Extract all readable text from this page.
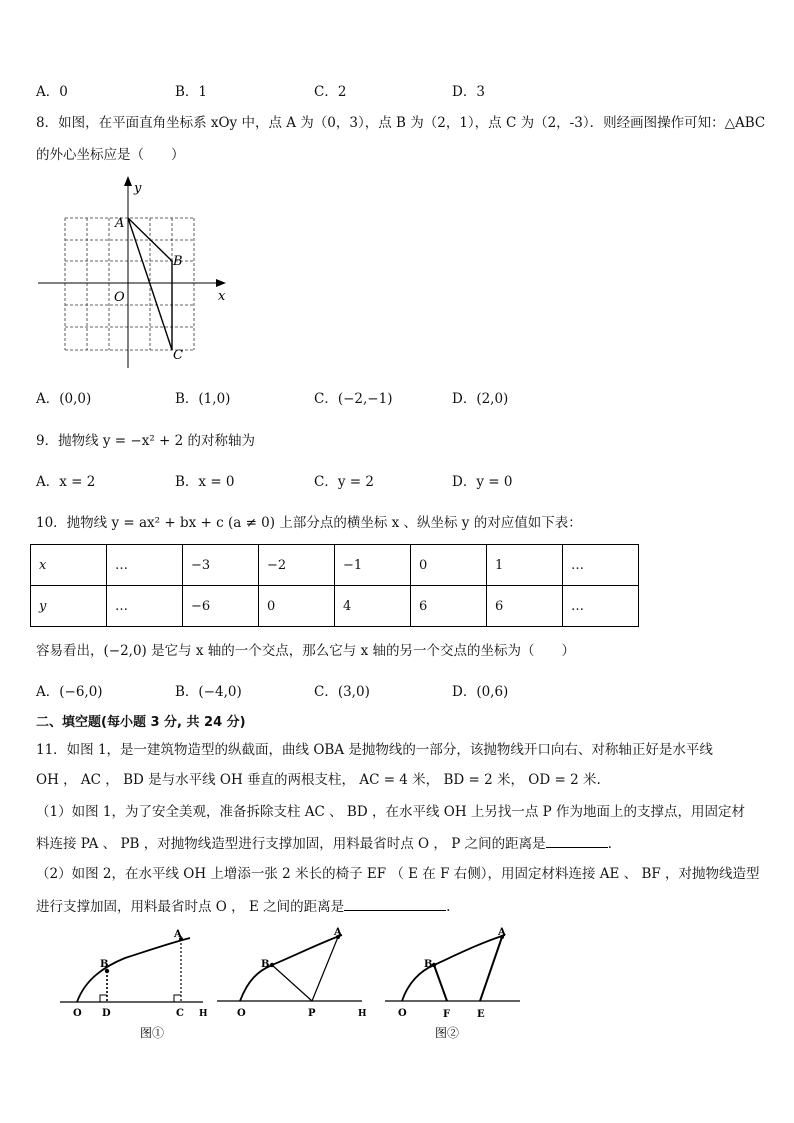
A．0	B．1	C．2	D．3
8．如图，在平面直角坐标系 xOy 中，点 A 为（0，3），点 B 为（2，1），点 C 为（2，-3）．则经画图操作可知：△ABC
的外心坐标应是（　　）
x
y
O
A
B
C
A．(0,0)	B．(1,0)	C．(−2,−1)	D．(2,0)
9．抛物线 y = −x² + 2 的对称轴为
A．x = 2	B．x = 0	C．y = 2	D．y = 0
10．抛物线 y = ax² + bx + c (a ≠ 0) 上部分点的横坐标 x 、纵坐标 y 的对应值如下表：
x	…	−3	−2	−1	0	1	…
y	…	−6	0	4	6	6	…
容易看出，(−2,0) 是它与 x 轴的一个交点，那么它与 x 轴的另一个交点的坐标为（　　）
A．(−6,0)	B．(−4,0)	C．(3,0)	D．(0,6)
二、填空题(每小题 3 分, 共 24 分)
11．如图 1，是一建筑物造型的纵截面，曲线 OBA 是抛物线的一部分，该抛物线开口向右、对称轴正好是水平线
OH ， AC ， BD 是与水平线 OH 垂直的两根支柱， AC = 4 米， BD = 2 米， OD = 2 米.
（1）如图 1，为了安全美观，准备拆除支柱 AC 、 BD ，在水平线 OH 上另找一点 P 作为地面上的支撑点，用固定材
料连接 PA 、 PB ，对抛物线造型进行支撑加固，用料最省时点 O ， P 之间的距离是	.
（2）如图 2，在水平线 OH 上增添一张 2 米长的椅子 EF （ E 在 F 右侧），用固定材料连接 AE 、 BF ，对抛物线造型
进行支撑加固，用料最省时点 O ， E 之间的距离是	.
O D	C H
B
A
图①
O	P	H
B
A
O	F	E
B
A
图②
